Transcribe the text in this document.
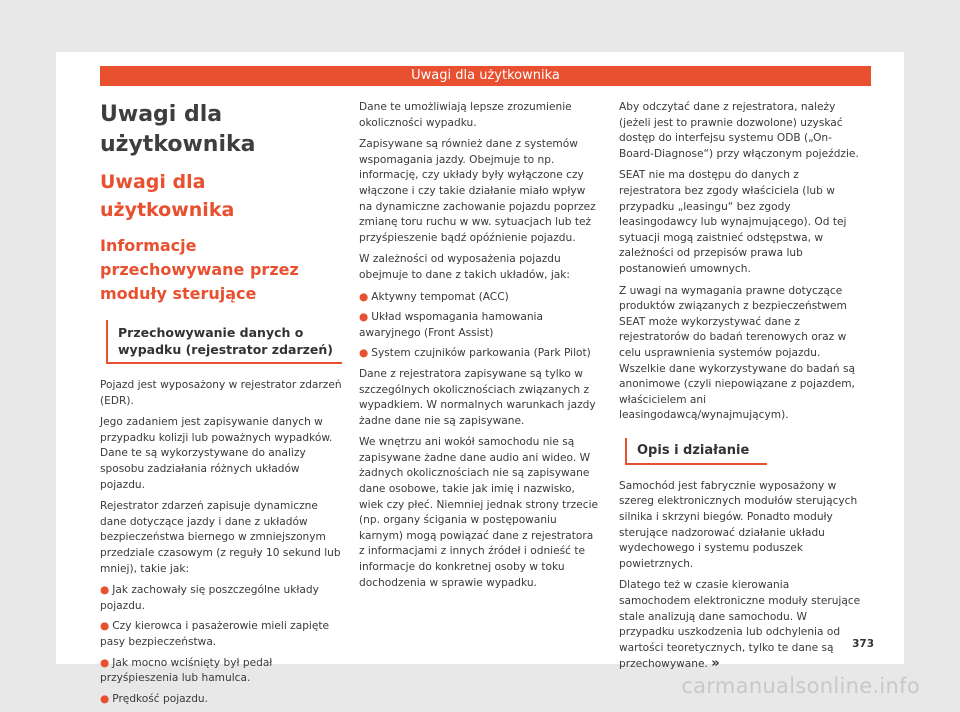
Uwagi dla użytkownika
Uwagi dla użytkownika
Uwagi dla użytkownika
Informacje przechowywane przez moduły sterujące
Przechowywanie danych o wypadku (rejestrator zdarzeń)

Pojazd jest wyposażony w rejestrator zdarzeń (EDR).

Jego zadaniem jest zapisywanie danych w przypadku kolizji lub poważnych wypadków. Dane te są wykorzystywane do analizy sposobu zadziałania różnych układów pojazdu.

Rejestrator zdarzeń zapisuje dynamiczne dane dotyczące jazdy i dane z układów bezpieczeństwa biernego w zmniejszonym przedziale czasowym (z reguły 10 sekund lub mniej), takie jak:

● Jak zachowały się poszczególne układy pojazdu.
● Czy kierowca i pasażerowie mieli zapięte pasy bezpieczeństwa.
● Jak mocno wciśnięty był pedał przyśpieszenia lub hamulca.
● Prędkość pojazdu.

Dane te umożliwiają lepsze zrozumienie okoliczności wypadku.

Zapisywane są również dane z systemów wspomagania jazdy. Obejmuje to np. informację, czy układy były wyłączone czy włączone i czy takie działanie miało wpływ na dynamiczne zachowanie pojazdu poprzez zmianę toru ruchu w ww. sytuacjach lub też przyśpieszenie bądź opóźnienie pojazdu.

W zależności od wyposażenia pojazdu obejmuje to dane z takich układów, jak:

● Aktywny tempomat (ACC)
● Układ wspomagania hamowania awaryjnego (Front Assist)
● System czujników parkowania (Park Pilot)

Dane z rejestratora zapisywane są tylko w szczególnych okolicznościach związanych z wypadkiem. W normalnych warunkach jazdy żadne dane nie są zapisywane.

We wnętrzu ani wokół samochodu nie są zapisywane żadne dane audio ani wideo. W żadnych okolicznościach nie są zapisywane dane osobowe, takie jak imię i nazwisko, wiek czy płeć. Niemniej jednak strony trzecie (np. organy ścigania w postępowaniu karnym) mogą powiązać dane z rejestratora z informacjami z innych źródeł i odnieść te informacje do konkretnej osoby w toku dochodzenia w sprawie wypadku.

Aby odczytać dane z rejestratora, należy (jeżeli jest to prawnie dozwolone) uzyskać dostęp do interfejsu systemu ODB („On-Board-Diagnose“) przy włączonym pojeździe.

SEAT nie ma dostępu do danych z rejestratora bez zgody właściciela (lub w przypadku „leasingu“ bez zgody leasingodawcy lub wynajmującego). Od tej sytuacji mogą zaistnieć odstępstwa, w zależności od przepisów prawa lub postanowień umownych.

Z uwagi na wymagania prawne dotyczące produktów związanych z bezpieczeństwem SEAT może wykorzystywać dane z rejestratorów do badań terenowych oraz w celu usprawnienia systemów pojazdu. Wszelkie dane wykorzystywane do badań są anonimowe (czyli niepowiązane z pojazdem, właścicielem ani leasingodawcą/wynajmującym).

Opis i działanie

Samochód jest fabrycznie wyposażony w szereg elektronicznych modułów sterujących silnika i skrzyni biegów. Ponadto moduły sterujące nadzorować działanie układu wydechowego i systemu poduszek powietrznych.

Dlatego też w czasie kierowania samochodem elektroniczne moduły sterujące stale analizują dane samochodu. W przypadku uszkodzenia lub odchylenia od wartości teoretycznych, tylko te dane są przechowywane. »

373
carmanualsonline.info
